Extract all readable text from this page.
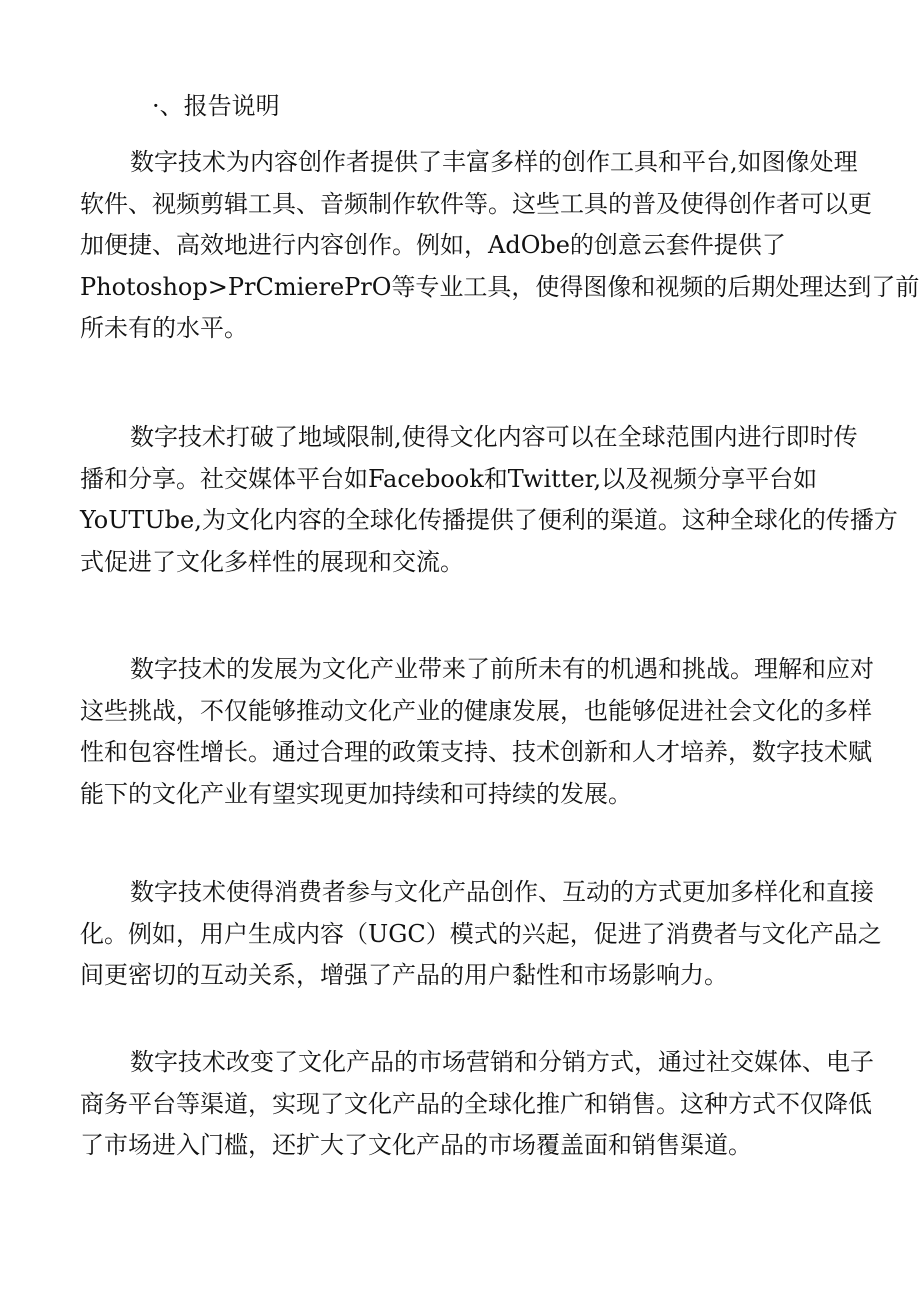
·、报告说明
数字技术为内容创作者提供了丰富多样的创作工具和平台,如图像处理
软件、视频剪辑工具、音频制作软件等。这些工具的普及使得创作者可以更
加便捷、高效地进行内容创作。例如，AdObe的创意云套件提供了
Photoshop>PrCmierePrO等专业工具，使得图像和视频的后期处理达到了前
所未有的水平。
数字技术打破了地域限制,使得文化内容可以在全球范围内进行即时传
播和分享。社交媒体平台如Facebook和Twitter,以及视频分享平台如
YoUTUbe,为文化内容的全球化传播提供了便利的渠道。这种全球化的传播方
式促进了文化多样性的展现和交流。
数字技术的发展为文化产业带来了前所未有的机遇和挑战。理解和应对
这些挑战，不仅能够推动文化产业的健康发展，也能够促进社会文化的多样
性和包容性增长。通过合理的政策支持、技术创新和人才培养，数字技术赋
能下的文化产业有望实现更加持续和可持续的发展。
数字技术使得消费者参与文化产品创作、互动的方式更加多样化和直接
化。例如，用户生成内容（UGC）模式的兴起，促进了消费者与文化产品之
间更密切的互动关系，增强了产品的用户黏性和市场影响力。
数字技术改变了文化产品的市场营销和分销方式，通过社交媒体、电子
商务平台等渠道，实现了文化产品的全球化推广和销售。这种方式不仅降低
了市场进入门槛，还扩大了文化产品的市场覆盖面和销售渠道。
